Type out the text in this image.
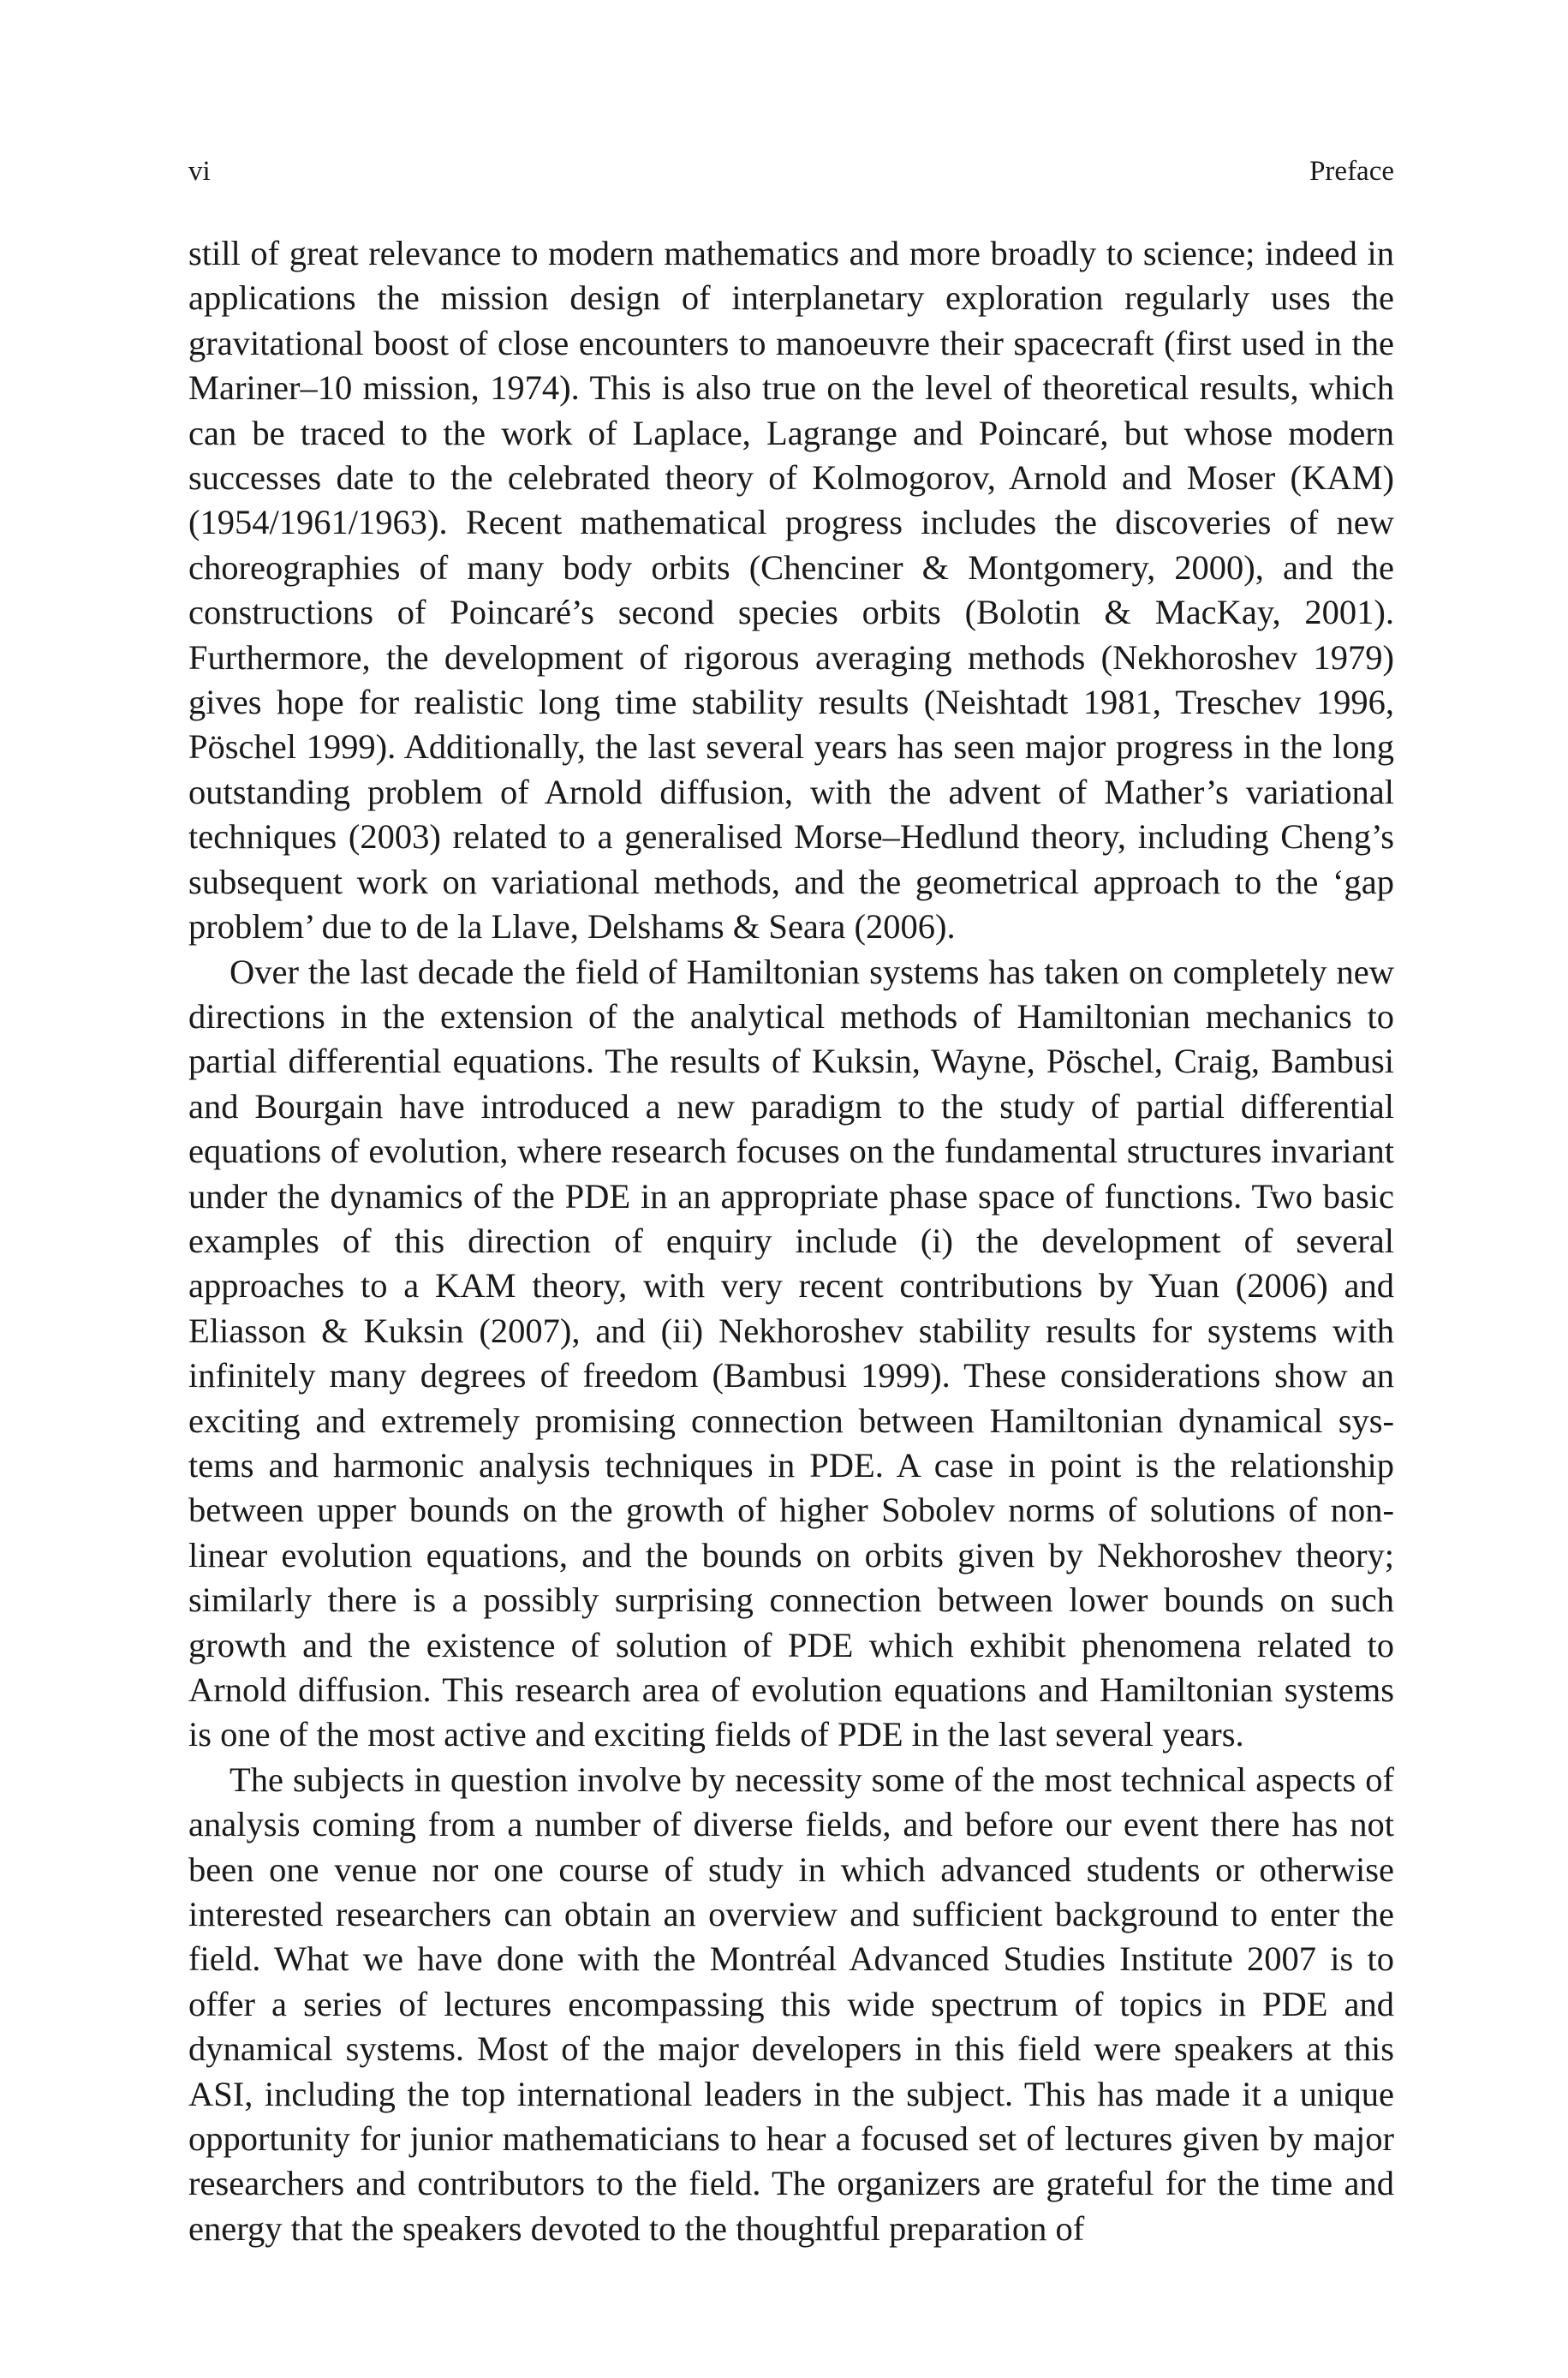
vi	Preface

still of great relevance to modern mathematics and more broadly to science; indeed in applications the mission design of interplanetary exploration regularly uses the gravitational boost of close encounters to manoeuvre their spacecraft (first used in the Mariner–10 mission, 1974). This is also true on the level of theoretical results, which can be traced to the work of Laplace, Lagrange and Poincaré, but whose modern successes date to the celebrated theory of Kolmogorov, Arnold and Moser (KAM) (1954/1961/1963). Recent mathematical progress includes the discoveries of new choreographies of many body orbits (Chenciner & Montgomery, 2000), and the constructions of Poincaré’s second species orbits (Bolotin & MacKay, 2001). Furthermore, the development of rigorous averaging methods (Nekhoroshev 1979) gives hope for realistic long time stability results (Neishtadt 1981, Treschev 1996, Pöschel 1999). Additionally, the last several years has seen major progress in the long outstanding problem of Arnold diffusion, with the advent of Mather’s variational techniques (2003) related to a generalised Morse–Hedlund theory, including Cheng’s subsequent work on variational methods, and the geometrical approach to the ‘gap problem’ due to de la Llave, Delshams & Seara (2006).

Over the last decade the field of Hamiltonian systems has taken on completely new directions in the extension of the analytical methods of Hamiltonian mechanics to partial differential equations. The results of Kuksin, Wayne, Pöschel, Craig, Bambusi and Bourgain have introduced a new paradigm to the study of partial differential equations of evolution, where research focuses on the fundamental structures invariant under the dynamics of the PDE in an appropriate phase space of functions. Two basic examples of this direction of enquiry include (i) the development of several approaches to a KAM theory, with very recent contributions by Yuan (2006) and Eliasson & Kuksin (2007), and (ii) Nekhoroshev stability results for systems with infinitely many degrees of freedom (Bambusi 1999). These considerations show an exciting and extremely promising connection between Hamiltonian dynamical systems and harmonic analysis techniques in PDE. A case in point is the relationship between upper bounds on the growth of higher Sobolev norms of solutions of nonlinear evolution equations, and the bounds on orbits given by Nekhoroshev theory; similarly there is a possibly surprising connection between lower bounds on such growth and the existence of solution of PDE which exhibit phenomena related to Arnold diffusion. This research area of evolution equations and Hamiltonian systems is one of the most active and exciting fields of PDE in the last several years.

The subjects in question involve by necessity some of the most technical aspects of analysis coming from a number of diverse fields, and before our event there has not been one venue nor one course of study in which advanced students or otherwise interested researchers can obtain an overview and sufficient background to enter the field. What we have done with the Montréal Advanced Studies Institute 2007 is to offer a series of lectures encompassing this wide spectrum of topics in PDE and dynamical systems. Most of the major developers in this field were speakers at this ASI, including the top international leaders in the subject. This has made it a unique opportunity for junior mathematicians to hear a focused set of lectures given by major researchers and contributors to the field. The organizers are grateful for the time and energy that the speakers devoted to the thoughtful preparation of
